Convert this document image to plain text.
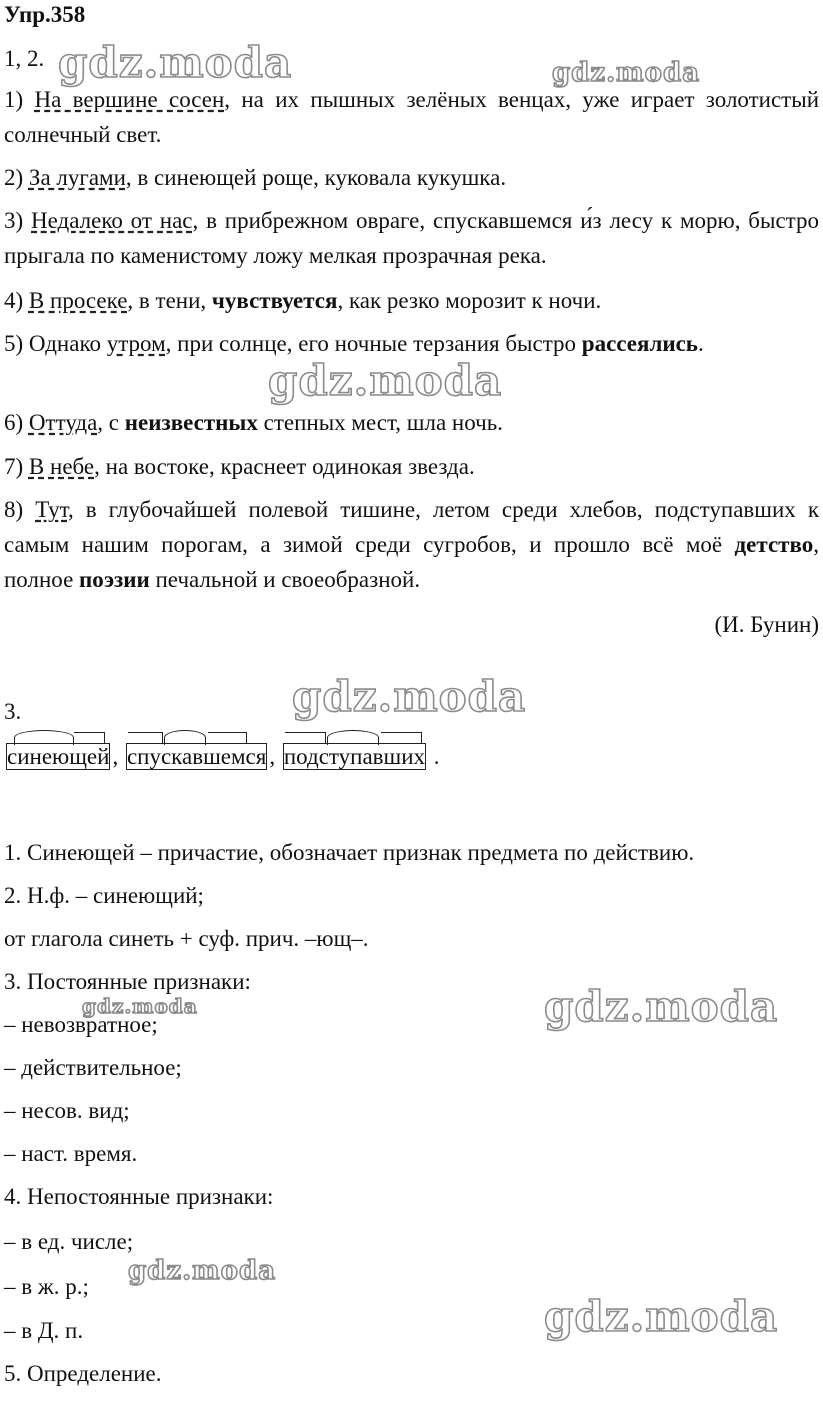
Упр.358
1, 2.
1) На вершине сосен, на их пышных зелёных венцах, уже играет золотистый солнечный свет.
2) За лугами, в синеющей роще, куковала кукушка.
3) Недалеко от нас, в прибрежном овраге, спускавшемся и́з лесу к морю, быстро прыгала по каменистому ложу мелкая прозрачная река.
4) В просеке, в тени, чувствуется, как резко морозит к ночи.
5) Однако утром, при солнце, его ночные терзания быстро рассеялись.
6) Оттуда, с неизвестных степных мест, шла ночь.
7) В небе, на востоке, краснеет одинокая звезда.
8) Тут, в глубочайшей полевой тишине, летом среди хлебов, подступавших к самым нашим порогам, а зимой среди сугробов, и прошло всё моё детство, полное поэзии печальной и своеобразной.
(И. Бунин)
3.
синеющей , спускавшемся , подступавших .
1. Синеющей – причастие, обозначает признак предмета по действию.
2. Н.ф. – синеющий;
от глагола синеть + суф. прич. –ющ–.
3. Постоянные признаки:
– невозвратное;
– действительное;
– несов. вид;
– наст. время.
4. Непостоянные признаки:
– в ед. числе;
– в ж. р.;
– в Д. п.
5. Определение.
gdz.moda	gdz.moda
gdz.moda
gdz.moda
gdz.moda	gdz.moda
gdz.moda
gdz.moda
